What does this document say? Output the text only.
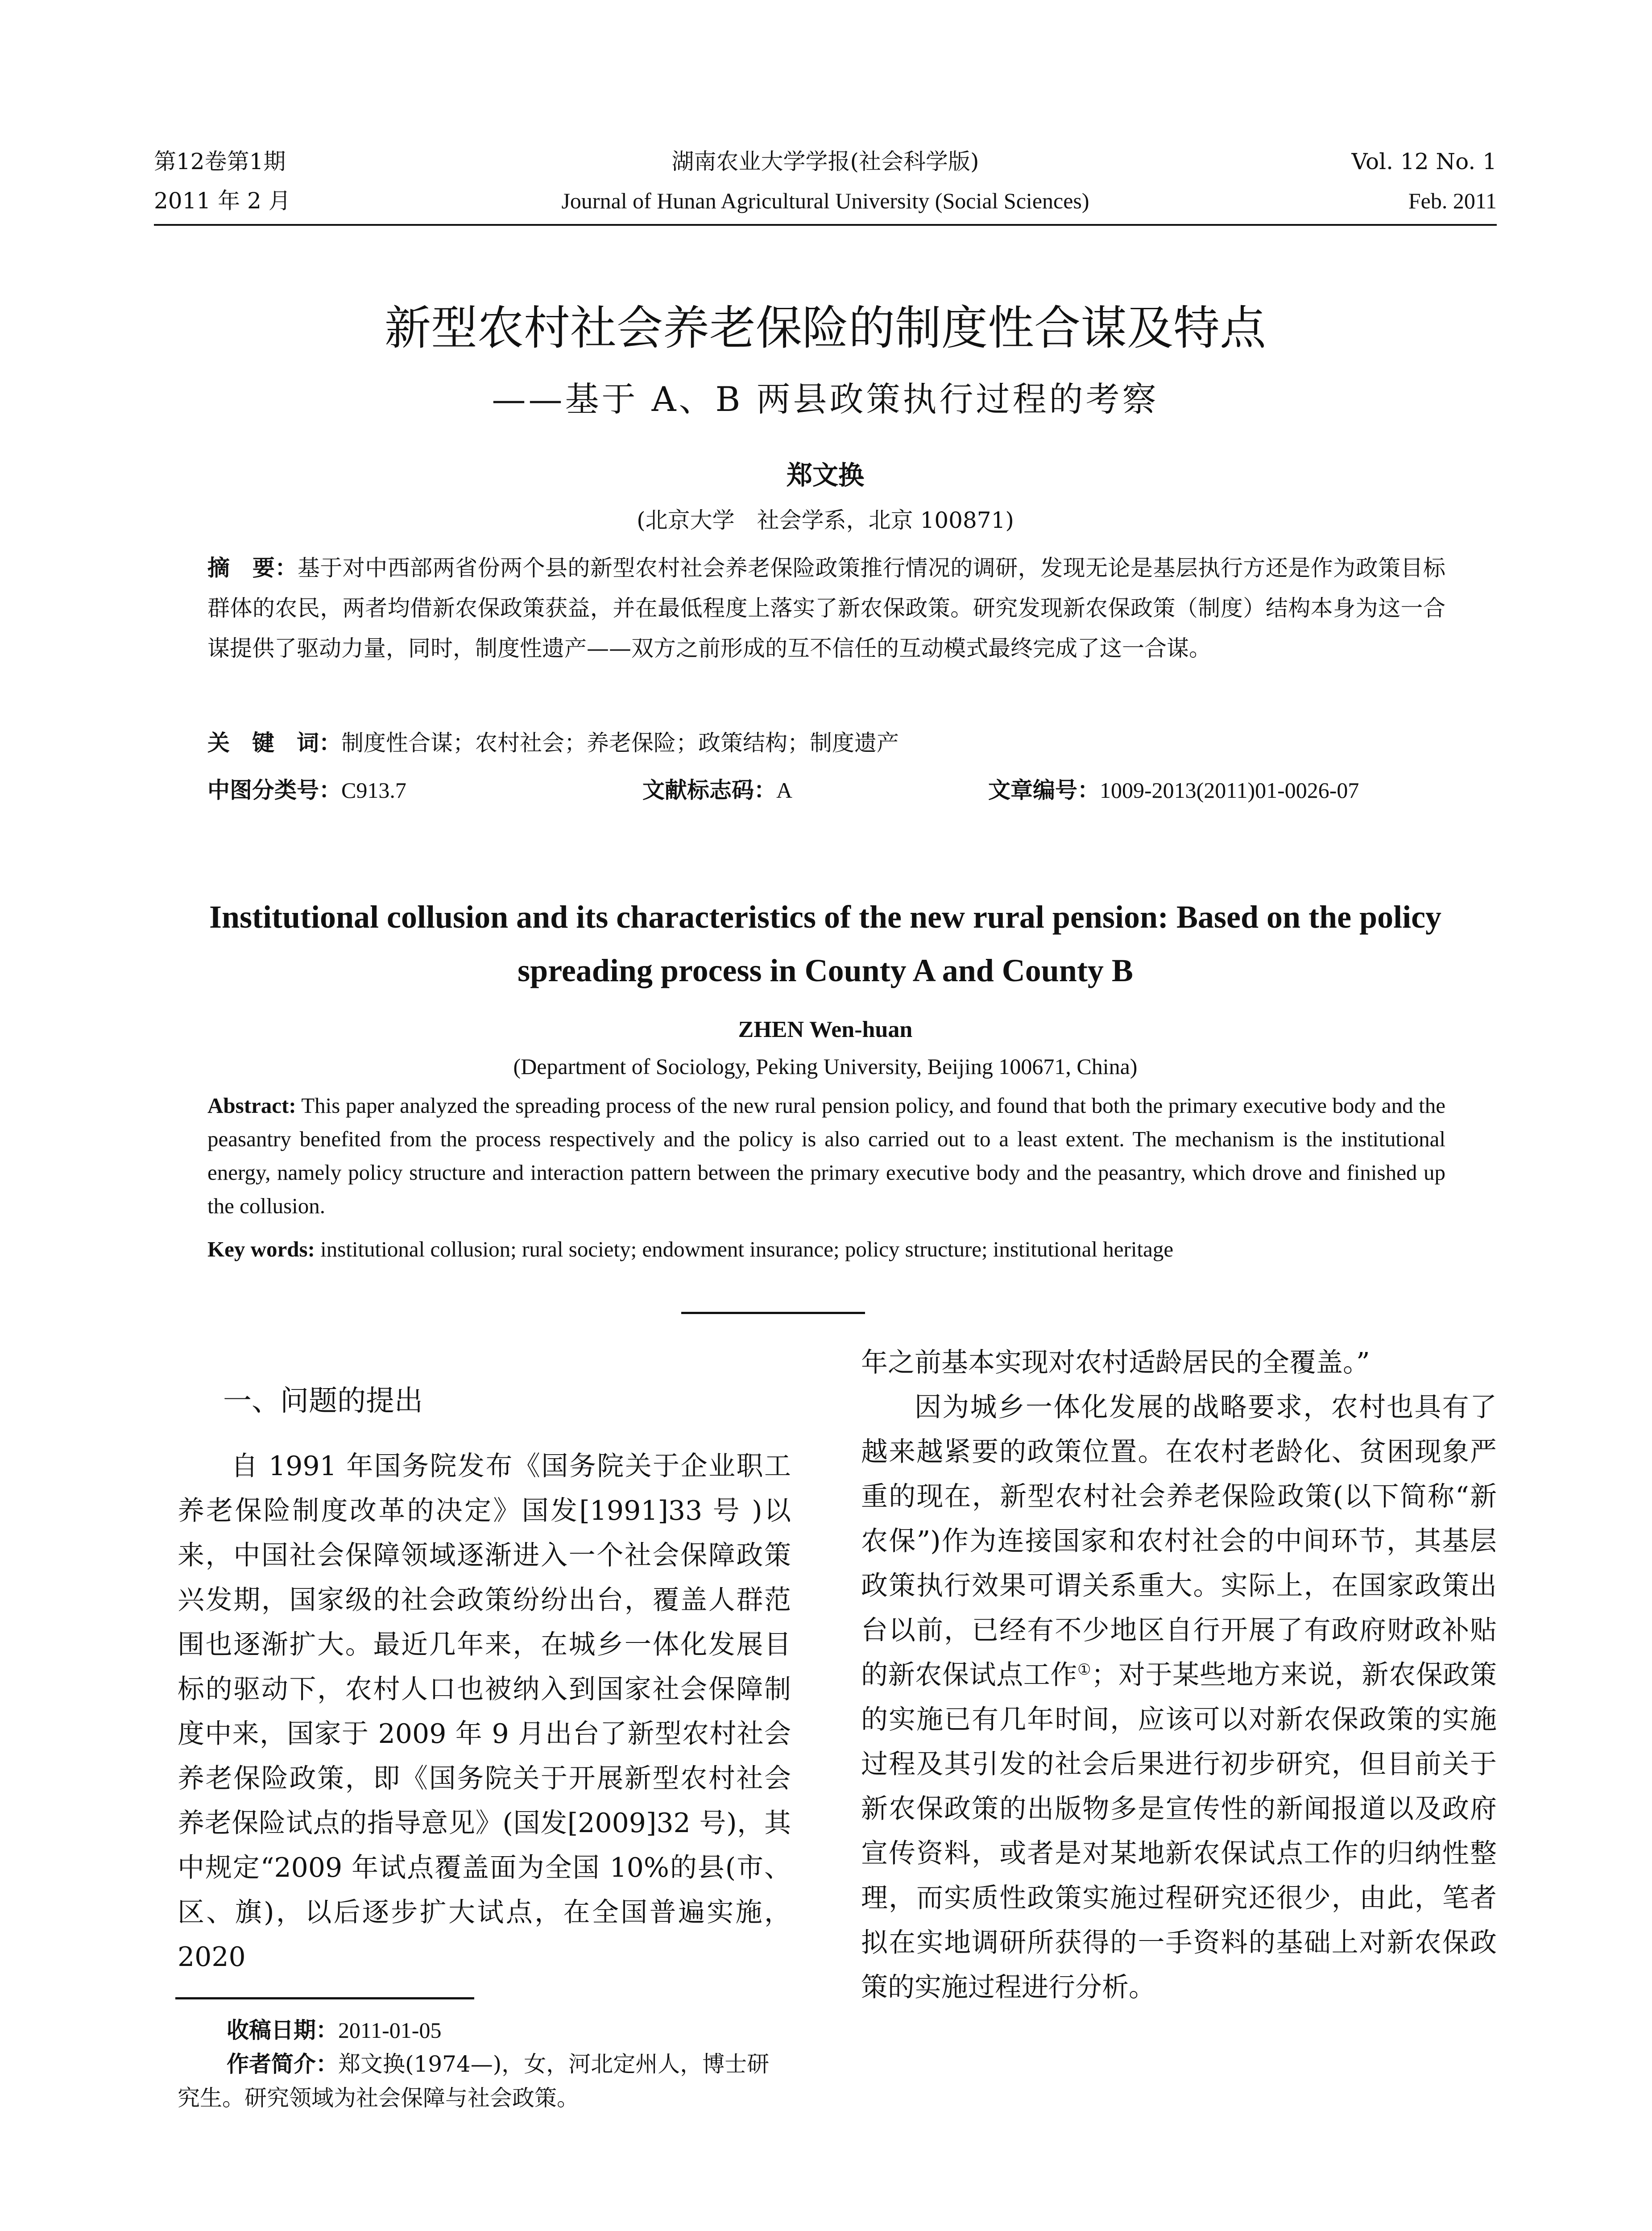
第12卷第1期	湖南农业大学学报(社会科学版)	Vol. 12 No. 1
2011 年 2 月	Journal of Hunan Agricultural University (Social Sciences)	Feb. 2011
新型农村社会养老保险的制度性合谋及特点
——基于 A、B 两县政策执行过程的考察
郑文换
(北京大学　社会学系，北京 100871)
摘　要：基于对中西部两省份两个县的新型农村社会养老保险政策推行情况的调研，发现无论是基层执行方还是作为政策目标群体的农民，两者均借新农保政策获益，并在最低程度上落实了新农保政策。研究发现新农保政策（制度）结构本身为这一合谋提供了驱动力量，同时，制度性遗产——双方之前形成的互不信任的互动模式最终完成了这一合谋。
关　键　词：制度性合谋；农村社会；养老保险；政策结构；制度遗产
中图分类号：C913.7	文献标志码：A	文章编号：1009-2013(2011)01-0026-07
Institutional collusion and its characteristics of the new rural pension: Based on the policy
spreading process in County A and County B
ZHEN Wen-huan
(Department of Sociology, Peking University, Beijing 100671, China)
Abstract: This paper analyzed the spreading process of the new rural pension policy, and found that both the primary executive body and the peasantry benefited from the process respectively and the policy is also carried out to a least extent. The mechanism is the institutional energy, namely policy structure and interaction pattern between the primary executive body and the peasantry, which drove and finished up the collusion.
Key words: institutional collusion; rural society; endowment insurance; policy structure; institutional heritage
一、问题的提出

自 1991 年国务院发布《国务院关于企业职工养老保险制度改革的决定》国发[1991]33 号 )以来，中国社会保障领域逐渐进入一个社会保障政策兴发期，国家级的社会政策纷纷出台，覆盖人群范围也逐渐扩大。最近几年来，在城乡一体化发展目标的驱动下，农村人口也被纳入到国家社会保障制度中来，国家于 2009 年 9 月出台了新型农村社会养老保险政策，即《国务院关于开展新型农村社会养老保险试点的指导意见》(国发[2009]32 号)，其中规定“2009 年试点覆盖面为全国 10%的县(市、区、旗)，以后逐步扩大试点，在全国普遍实施，2020

年之前基本实现对农村适龄居民的全覆盖。”

因为城乡一体化发展的战略要求，农村也具有了越来越紧要的政策位置。在农村老龄化、贫困现象严重的现在，新型农村社会养老保险政策(以下简称“新农保”)作为连接国家和农村社会的中间环节，其基层政策执行效果可谓关系重大。实际上，在国家政策出台以前，已经有不少地区自行开展了有政府财政补贴的新农保试点工作①；对于某些地方来说，新农保政策的实施已有几年时间，应该可以对新农保政策的实施过程及其引发的社会后果进行初步研究，但目前关于新农保政策的出版物多是宣传性的新闻报道以及政府宣传资料，或者是对某地新农保试点工作的归纳性整理，而实质性政策实施过程研究还很少，由此，笔者拟在实地调研所获得的一手资料的基础上对新农保政策的实施过程进行分析。

收稿日期：2011-01-05
作者简介：郑文换(1974—)，女，河北定州人，博士研
究生。研究领域为社会保障与社会政策。
